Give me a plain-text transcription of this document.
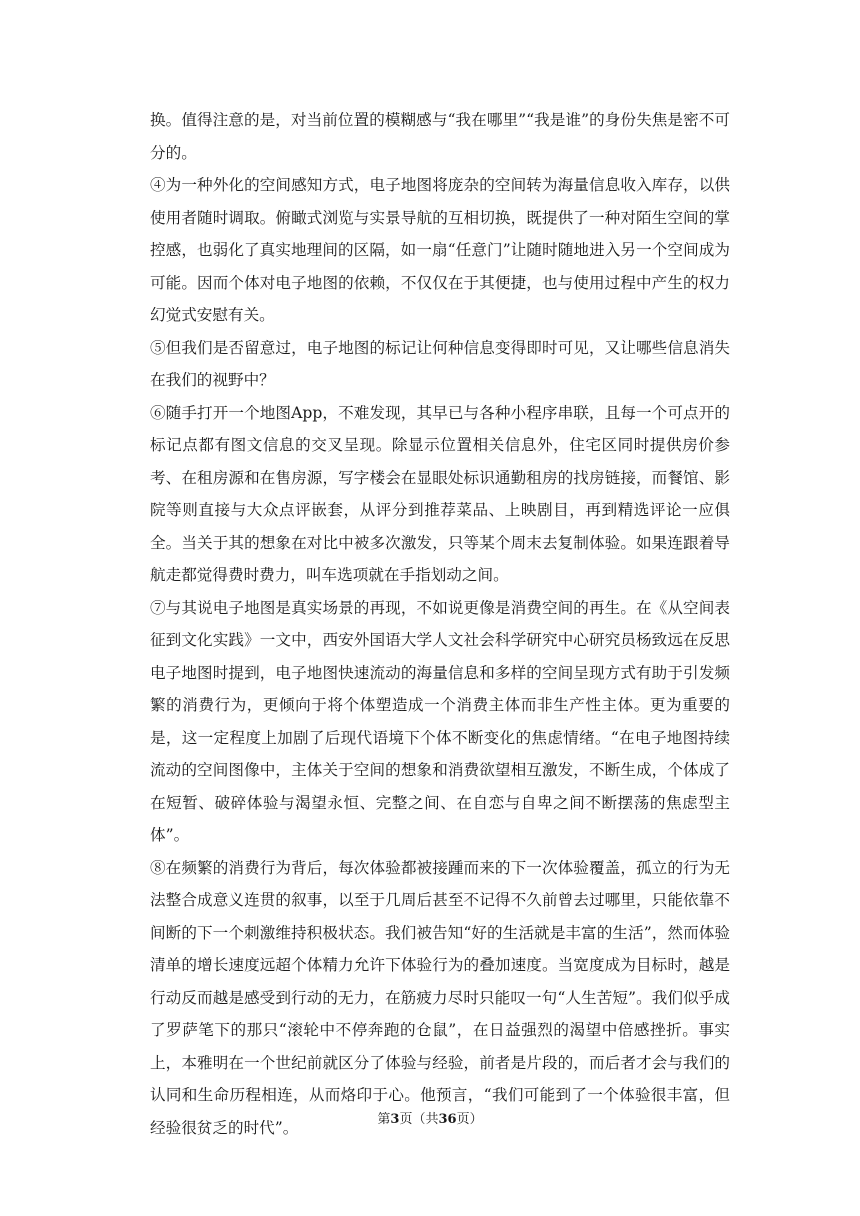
换。值得注意的是，对当前位置的模糊感与“我在哪里”“我是谁”的身份失焦是密不可分的。

④为一种外化的空间感知方式，电子地图将庞杂的空间转为海量信息收入库存，以供使用者随时调取。俯瞰式浏览与实景导航的互相切换，既提供了一种对陌生空间的掌控感，也弱化了真实地理间的区隔，如一扇“任意门”让随时随地进入另一个空间成为可能。因而个体对电子地图的依赖，不仅仅在于其便捷，也与使用过程中产生的权力幻觉式安慰有关。

⑤但我们是否留意过，电子地图的标记让何种信息变得即时可见，又让哪些信息消失在我们的视野中？

⑥随手打开一个地图App，不难发现，其早已与各种小程序串联，且每一个可点开的标记点都有图文信息的交叉呈现。除显示位置相关信息外，住宅区同时提供房价参考、在租房源和在售房源，写字楼会在显眼处标识通勤租房的找房链接，而餐馆、影院等则直接与大众点评嵌套，从评分到推荐菜品、上映剧目，再到精选评论一应俱全。当关于其的想象在对比中被多次激发，只等某个周末去复制体验。如果连跟着导航走都觉得费时费力，叫车选项就在手指划动之间。

⑦与其说电子地图是真实场景的再现，不如说更像是消费空间的再生。在《从空间表征到文化实践》一文中，西安外国语大学人文社会科学研究中心研究员杨致远在反思电子地图时提到，电子地图快速流动的海量信息和多样的空间呈现方式有助于引发频繁的消费行为，更倾向于将个体塑造成一个消费主体而非生产性主体。更为重要的是，这一定程度上加剧了后现代语境下个体不断变化的焦虑情绪。“在电子地图持续流动的空间图像中，主体关于空间的想象和消费欲望相互激发，不断生成，个体成了在短暂、破碎体验与渴望永恒、完整之间、在自恋与自卑之间不断摆荡的焦虑型主体”。

⑧在频繁的消费行为背后，每次体验都被接踵而来的下一次体验覆盖，孤立的行为无法整合成意义连贯的叙事，以至于几周后甚至不记得不久前曾去过哪里，只能依靠不间断的下一个刺激维持积极状态。我们被告知“好的生活就是丰富的生活”，然而体验清单的增长速度远超个体精力允许下体验行为的叠加速度。当宽度成为目标时，越是行动反而越是感受到行动的无力，在筋疲力尽时只能叹一句“人生苦短”。我们似乎成了罗萨笔下的那只“滚轮中不停奔跑的仓鼠”，在日益强烈的渴望中倍感挫折。事实上，本雅明在一个世纪前就区分了体验与经验，前者是片段的，而后者才会与我们的认同和生命历程相连，从而烙印于心。他预言，“我们可能到了一个体验很丰富，但经验很贫乏的时代”。	第3页（共36页）
